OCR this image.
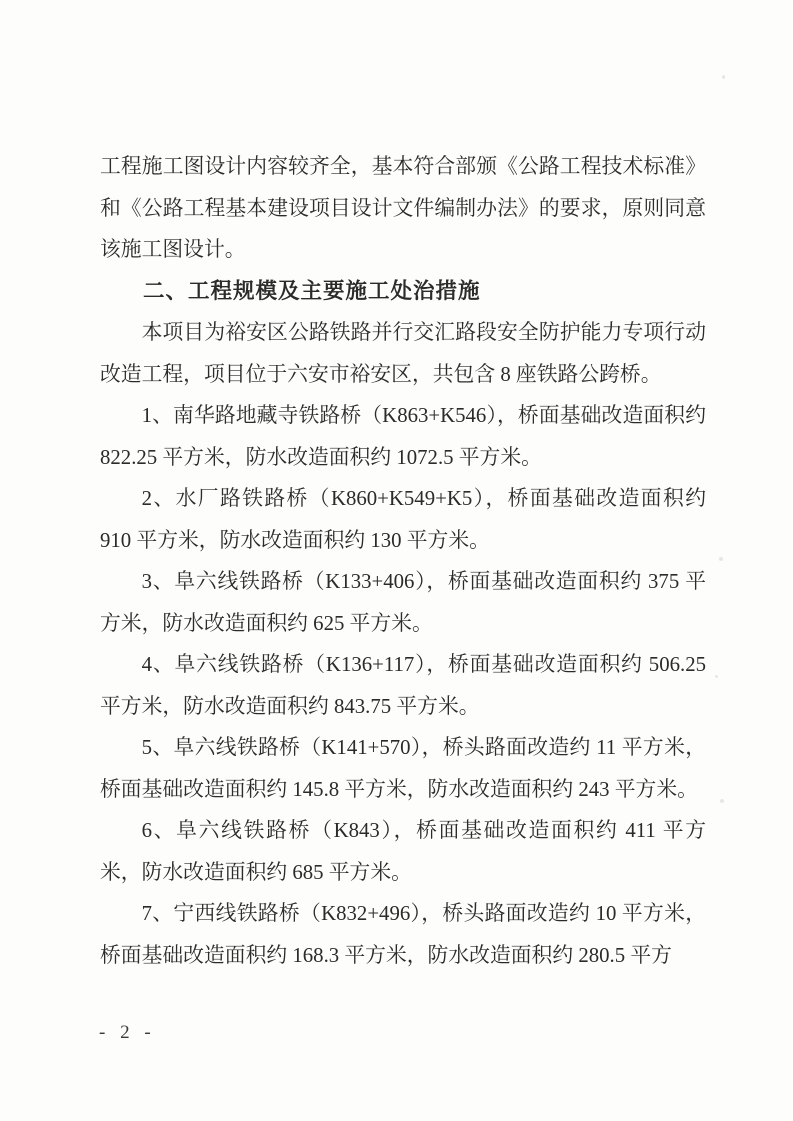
工程施工图设计内容较齐全，基本符合部颁《公路工程技术标准》和《公路工程基本建设项目设计文件编制办法》的要求，原则同意该施工图设计。

二、工程规模及主要施工处治措施

本项目为裕安区公路铁路并行交汇路段安全防护能力专项行动改造工程，项目位于六安市裕安区，共包含 8 座铁路公跨桥。

1、南华路地藏寺铁路桥（K863+K546），桥面基础改造面积约 822.25 平方米，防水改造面积约 1072.5 平方米。

2、水厂路铁路桥（K860+K549+K5），桥面基础改造面积约 910 平方米，防水改造面积约 130 平方米。

3、阜六线铁路桥（K133+406），桥面基础改造面积约 375 平方米，防水改造面积约 625 平方米。

4、阜六线铁路桥（K136+117），桥面基础改造面积约 506.25 平方米，防水改造面积约 843.75 平方米。

5、阜六线铁路桥（K141+570），桥头路面改造约 11 平方米，桥面基础改造面积约 145.8 平方米，防水改造面积约 243 平方米。

6、阜六线铁路桥（K843），桥面基础改造面积约 411 平方米，防水改造面积约 685 平方米。

7、宁西线铁路桥（K832+496），桥头路面改造约 10 平方米，桥面基础改造面积约 168.3 平方米，防水改造面积约 280.5 平方

- 2 -
